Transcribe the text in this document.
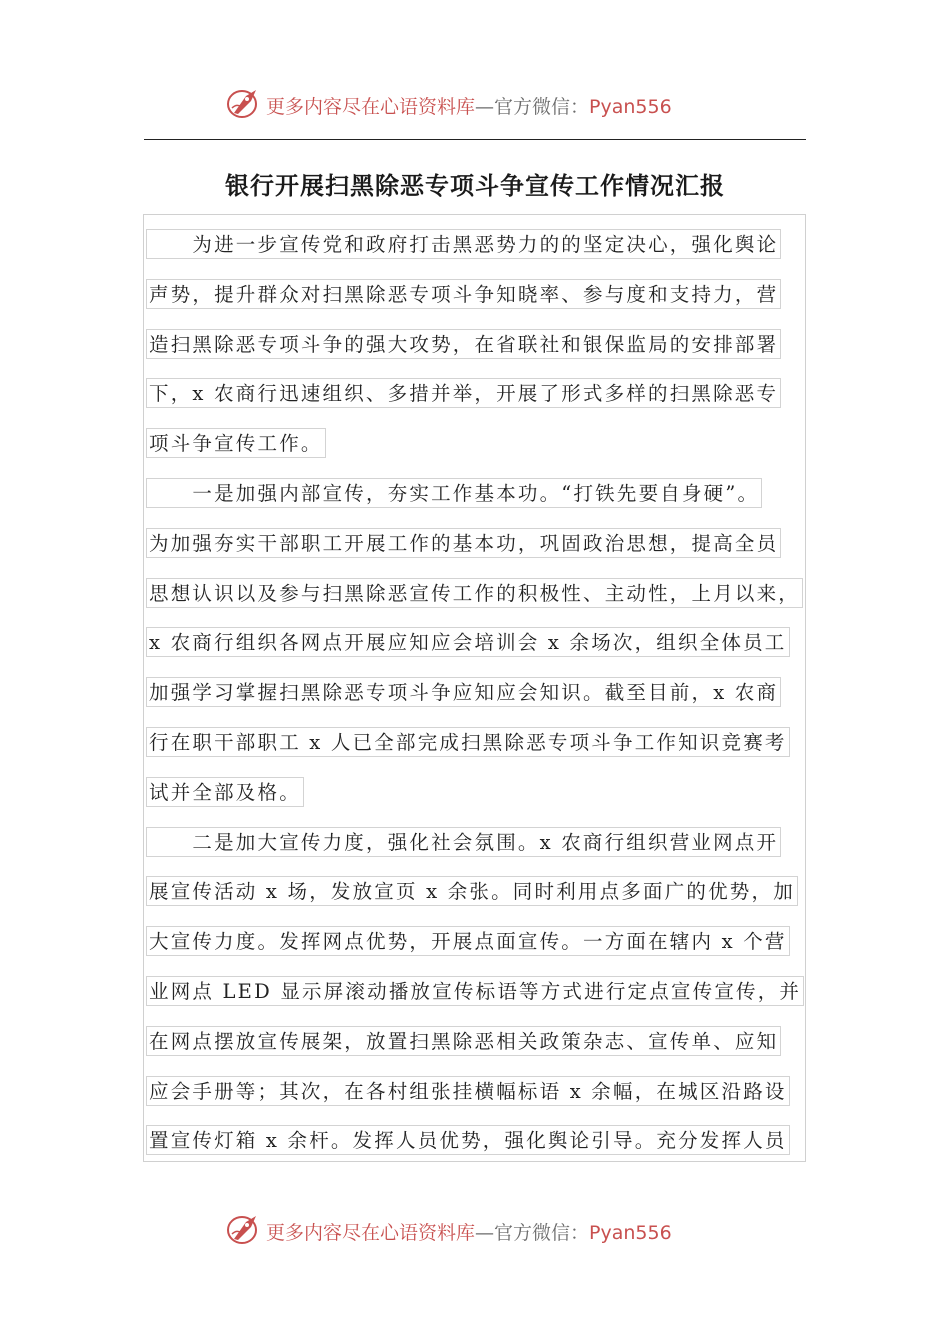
更多内容尽在心语资料库—官方微信：Pyan556
银行开展扫黑除恶专项斗争宣传工作情况汇报
　　为进一步宣传党和政府打击黑恶势力的的坚定决心，强化舆论
声势，提升群众对扫黑除恶专项斗争知晓率、参与度和支持力，营
造扫黑除恶专项斗争的强大攻势，在省联社和银保监局的安排部署
下，x 农商行迅速组织、多措并举，开展了形式多样的扫黑除恶专
项斗争宣传工作。
　　一是加强内部宣传，夯实工作基本功。“打铁先要自身硬”。
为加强夯实干部职工开展工作的基本功，巩固政治思想，提高全员
思想认识以及参与扫黑除恶宣传工作的积极性、主动性，上月以来，
x 农商行组织各网点开展应知应会培训会 x 余场次，组织全体员工
加强学习掌握扫黑除恶专项斗争应知应会知识。截至目前，x 农商
行在职干部职工 x 人已全部完成扫黑除恶专项斗争工作知识竞赛考
试并全部及格。
　　二是加大宣传力度，强化社会氛围。x 农商行组织营业网点开
展宣传活动 x 场，发放宣页 x 余张。同时利用点多面广的优势，加
大宣传力度。发挥网点优势，开展点面宣传。一方面在辖内 x 个营
业网点 LED 显示屏滚动播放宣传标语等方式进行定点宣传宣传，并
在网点摆放宣传展架，放置扫黑除恶相关政策杂志、宣传单、应知
应会手册等；其次，在各村组张挂横幅标语 x 余幅，在城区沿路设
置宣传灯箱 x 余杆。发挥人员优势，强化舆论引导。充分发挥人员
更多内容尽在心语资料库—官方微信：Pyan556
